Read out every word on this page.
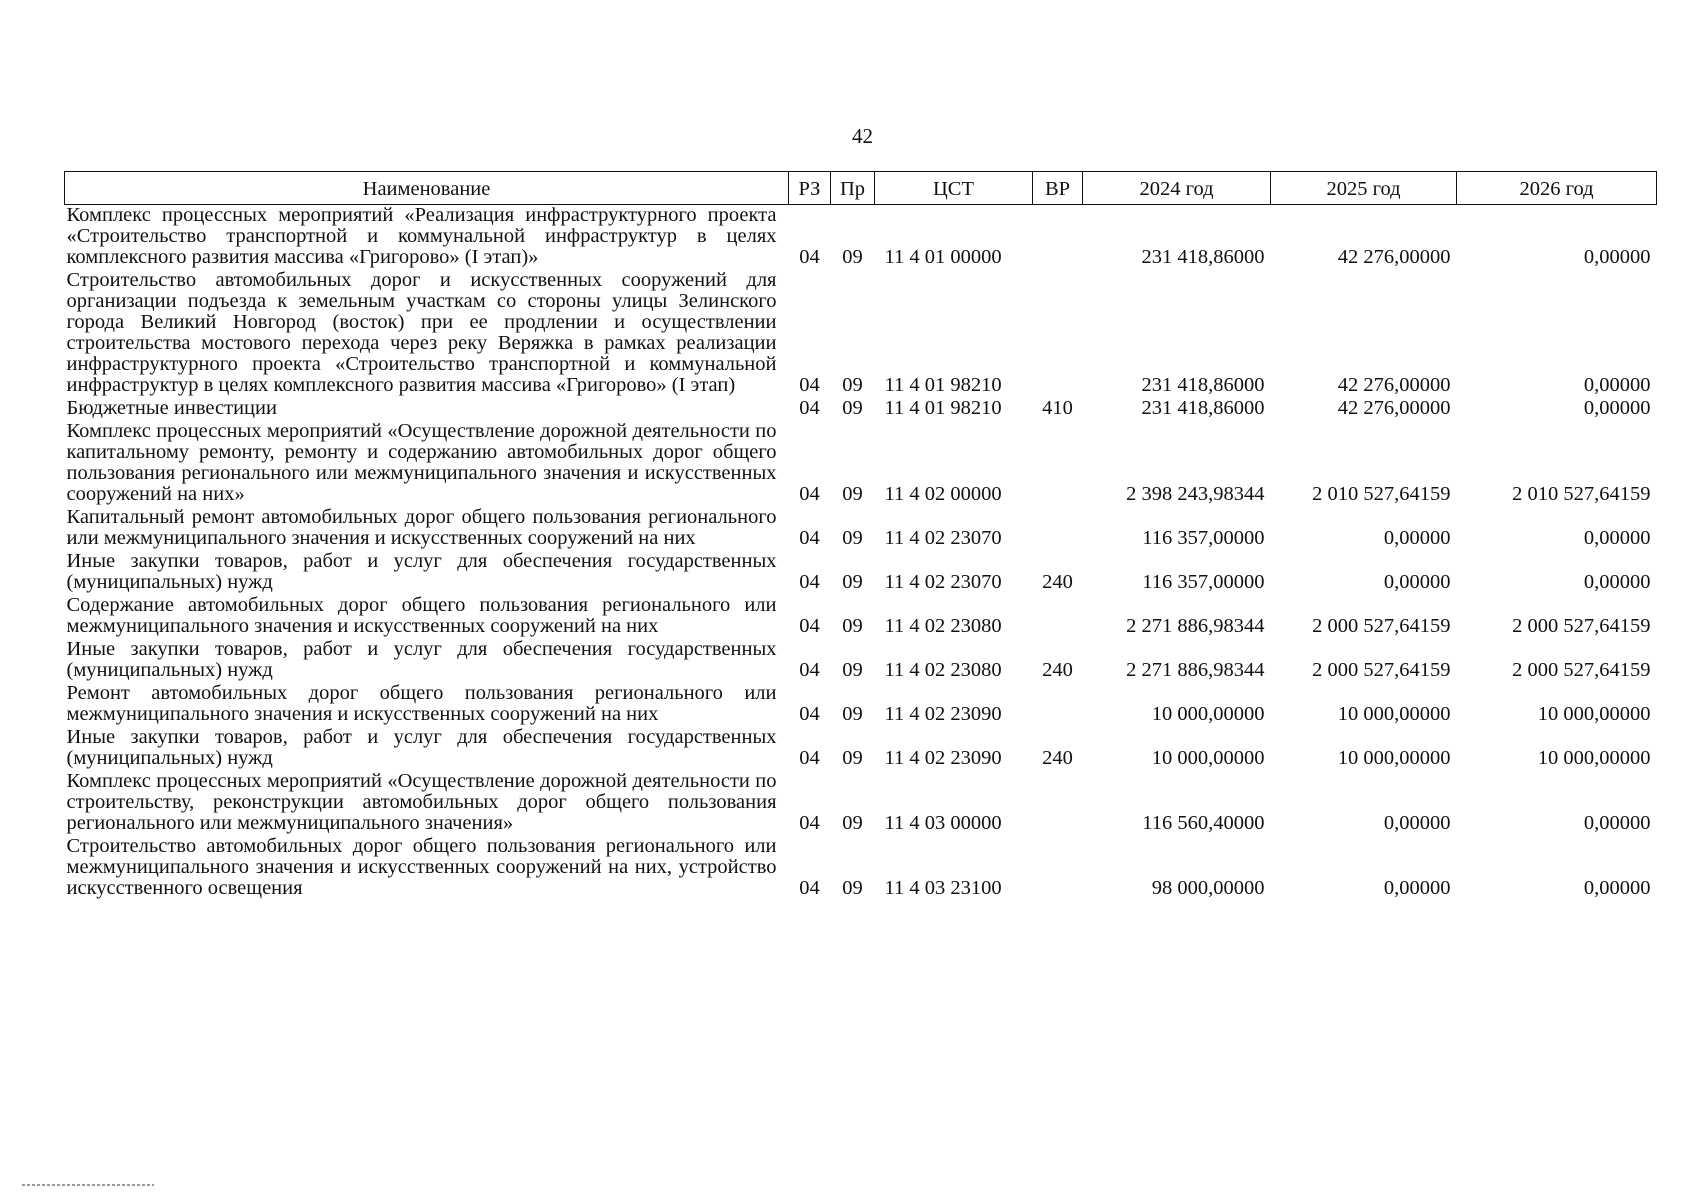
42
Наименование	РЗ	Пр	ЦСТ	ВР	2024 год	2025 год	2026 год
Комплекс процессных мероприятий «Реализация инфраструктурного проекта «Строительство транспортной и коммунальной инфраструктур в целях комплексного развития массива «Григорово» (I этап)»	04	09	11 4 01 00000		231 418,86000	42 276,00000	0,00000
Строительство автомобильных дорог и искусственных сооружений для организации подъезда к земельным участкам со стороны улицы Зелинского города Великий Новгород (восток) при ее продлении и осуществлении строительства мостового перехода через реку Веряжка в рамках реализации инфраструктурного проекта «Строительство транспортной и коммунальной инфраструктур в целях комплексного развития массива «Григорово» (I этап)	04	09	11 4 01 98210		231 418,86000	42 276,00000	0,00000
Бюджетные инвестиции	04	09	11 4 01 98210	410	231 418,86000	42 276,00000	0,00000
Комплекс процессных мероприятий «Осуществление дорожной деятельности по капитальному ремонту, ремонту и содержанию автомобильных дорог общего пользования регионального или межмуниципального значения и искусственных сооружений на них»	04	09	11 4 02 00000		2 398 243,98344	2 010 527,64159	2 010 527,64159
Капитальный ремонт автомобильных дорог общего пользования регионального или межмуниципального значения и искусственных сооружений на них	04	09	11 4 02 23070		116 357,00000	0,00000	0,00000
Иные закупки товаров, работ и услуг для обеспечения государственных (муниципальных) нужд	04	09	11 4 02 23070	240	116 357,00000	0,00000	0,00000
Содержание автомобильных дорог общего пользования регионального или межмуниципального значения и искусственных сооружений на них	04	09	11 4 02 23080		2 271 886,98344	2 000 527,64159	2 000 527,64159
Иные закупки товаров, работ и услуг для обеспечения государственных (муниципальных) нужд	04	09	11 4 02 23080	240	2 271 886,98344	2 000 527,64159	2 000 527,64159
Ремонт автомобильных дорог общего пользования регионального или межмуниципального значения и искусственных сооружений на них	04	09	11 4 02 23090		10 000,00000	10 000,00000	10 000,00000
Иные закупки товаров, работ и услуг для обеспечения государственных (муниципальных) нужд	04	09	11 4 02 23090	240	10 000,00000	10 000,00000	10 000,00000
Комплекс процессных мероприятий «Осуществление дорожной деятельности по строительству, реконструкции автомобильных дорог общего пользования регионального или межмуниципального значения»	04	09	11 4 03 00000		116 560,40000	0,00000	0,00000
Строительство автомобильных дорог общего пользования регионального или межмуниципального значения и искусственных сооружений на них, устройство искусственного освещения	04	09	11 4 03 23100		98 000,00000	0,00000	0,00000
